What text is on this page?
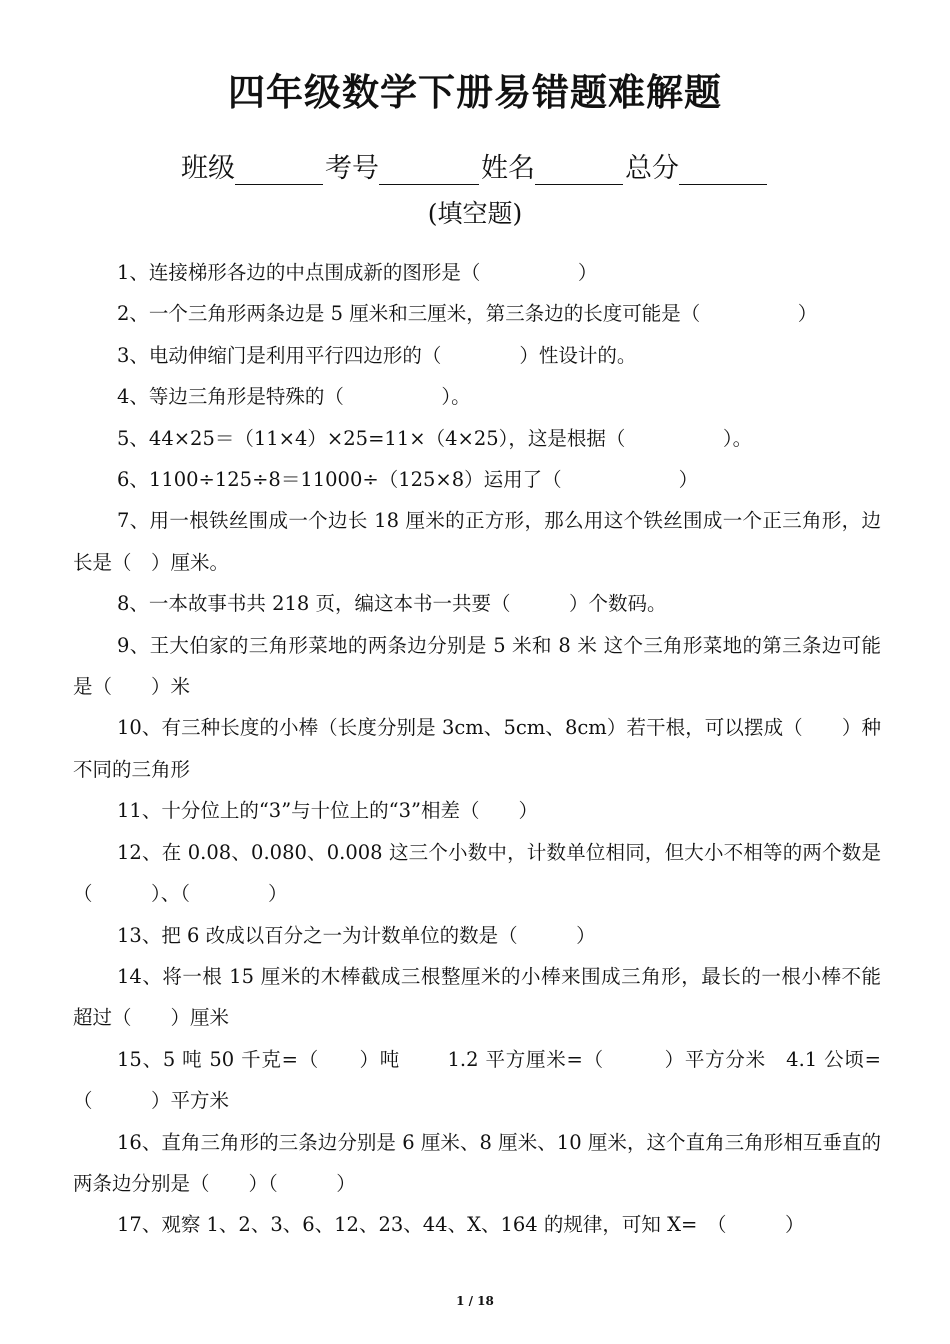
四年级数学下册易错题难解题
班级	考号	姓名	总分
(填空题)

1、连接梯形各边的中点围成新的图形是（　　　　　）

2、一个三角形两条边是 5 厘米和三厘米，第三条边的长度可能是（　　　　　）

3、电动伸缩门是利用平行四边形的（　　　　）性设计的。

4、等边三角形是特殊的（　　　　　）。

5、44×25＝（11×4）×25=11×（4×25），这是根据（　　　　　）。

6、1100÷125÷8＝11000÷（125×8）运用了（　　　　　　）

7、用一根铁丝围成一个边长 18 厘米的正方形，那么用这个铁丝围成一个正三角形，边长是（　）厘米。

8、一本故事书共 218 页，编这本书一共要（　　　）个数码。

9、王大伯家的三角形菜地的两条边分别是 5 米和 8 米 这个三角形菜地的第三条边可能是（　　）米

10、有三种长度的小棒（长度分别是 3cm、5cm、8cm）若干根，可以摆成（　　）种不同的三角形

11、十分位上的“3”与十位上的“3”相差（　　）

12、在 0.08、0.080、0.008 这三个小数中，计数单位相同，但大小不相等的两个数是（　　　）、（　　　　）

13、把 6 改成以百分之一为计数单位的数是（　　　）

14、将一根 15 厘米的木棒截成三根整厘米的小棒来围成三角形，最长的一根小棒不能超过（　　）厘米

15、5 吨 50 千克=（　　）吨　　 1.2 平方厘米=（　　　）平方分米　4.1 公顷=（　　　）平方米

16、直角三角形的三条边分别是 6 厘米、8 厘米、10 厘米，这个直角三角形相互垂直的两条边分别是（　　）（　　　）

17、观察 1、2、3、6、12、23、44、X、164 的规律，可知 X=　（　　　）

1 / 18
